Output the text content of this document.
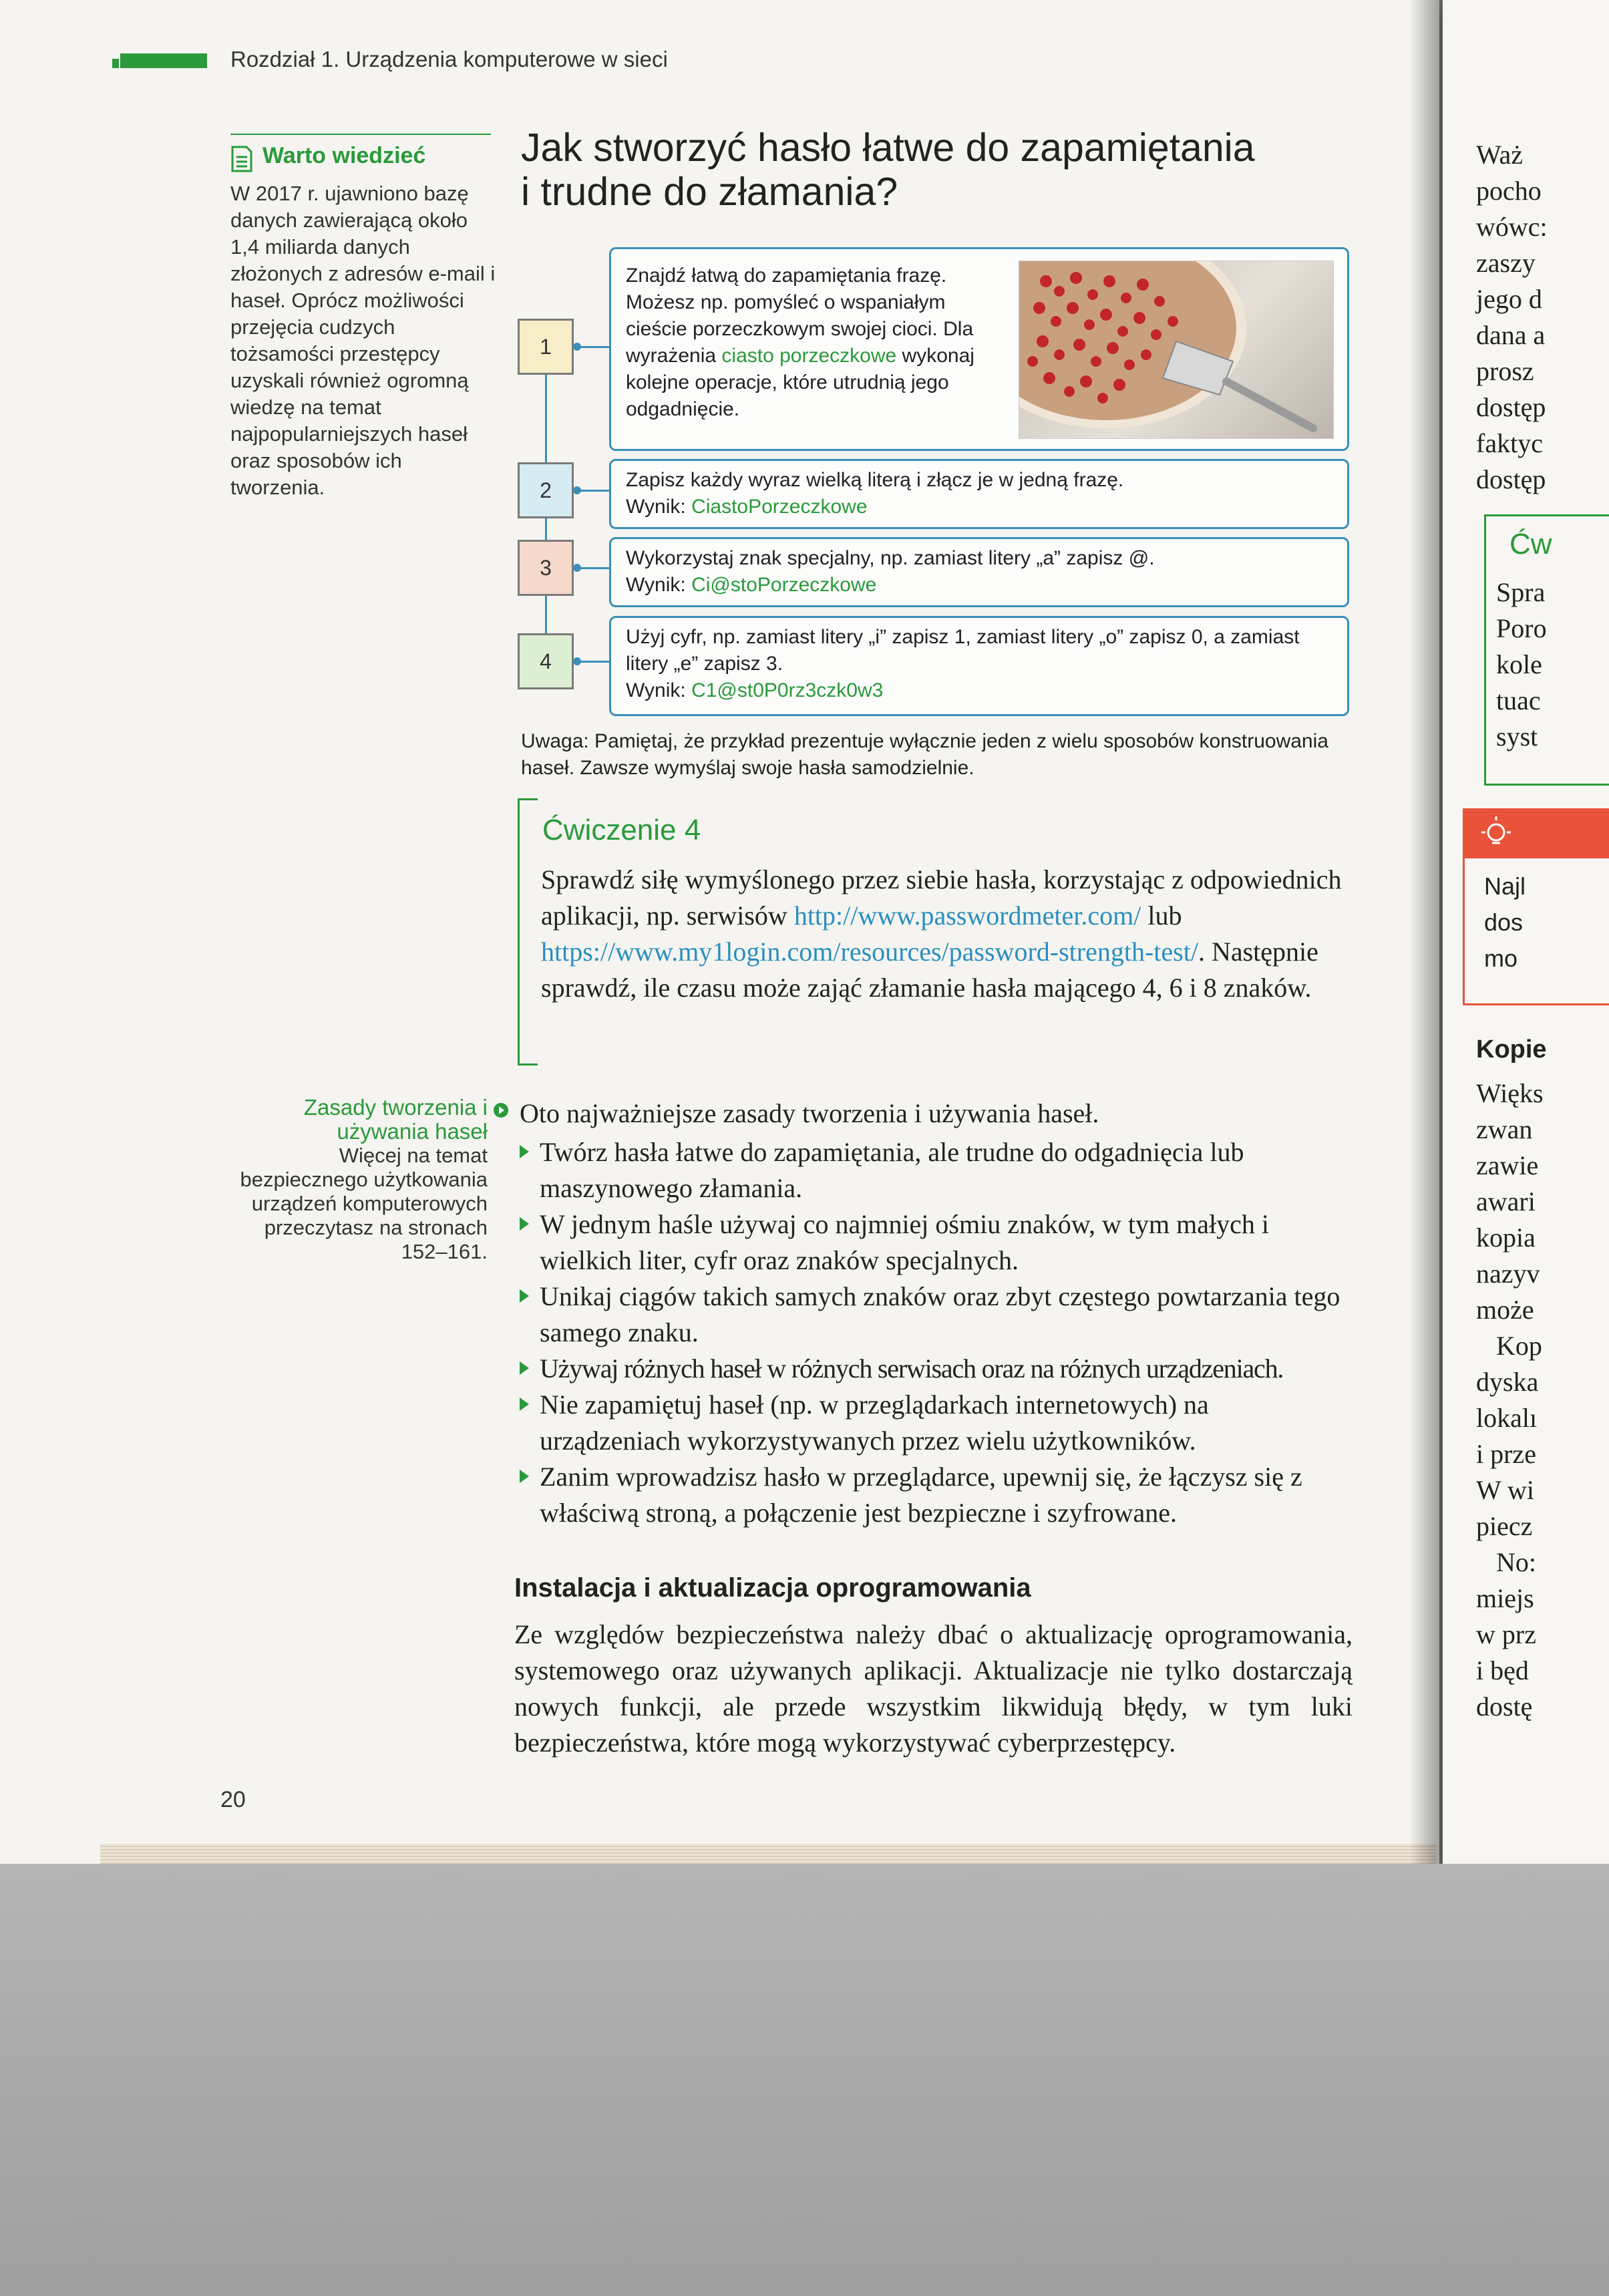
Rozdział 1. Urządzenia komputerowe w sieci
Warto wiedzieć
W 2017 r. ujawniono bazę danych zawierającą około 1,4 miliarda danych złożonych z adresów e-mail i haseł. Oprócz możliwości przejęcia cudzych tożsamości przestępcy uzyskali również ogromną wiedzę na temat najpopularniejszych haseł oraz sposobów ich tworzenia.
Jak stworzyć hasło łatwe do zapamiętania
i trudne do złamania?
1
Znajdź łatwą do zapamiętania frazę. Możesz np. pomyśleć o wspaniałym cieście porzeczkowym swojej cioci. Dla wyrażenia ciasto porzeczkowe wykonaj kolejne operacje, które utrudnią jego odgadnięcie.
2	Zapisz każdy wyraz wielką literą i złącz je w jedną frazę.
Wynik: CiastoPorzeczkowe
3	Wykorzystaj znak specjalny, np. zamiast litery „a” zapisz @.
Wynik: Ci@stoPorzeczkowe
4
Użyj cyfr, np. zamiast litery „i” zapisz 1, zamiast litery „o” zapisz 0, a zamiast litery „e” zapisz 3.
Wynik: C1@st0P0rz3czk0w3
Uwaga: Pamiętaj, że przykład prezentuje wyłącznie jeden z wielu sposobów konstruowania haseł. Zawsze wymyślaj swoje hasła samodzielnie.
Ćwiczenie 4
Sprawdź siłę wymyślonego przez siebie hasła, korzystając z odpowiednich aplikacji, np. serwisów http://www.passwordmeter.com/ lub https://www.my1login.com/resources/password-strength-test/. Następnie sprawdź, ile czasu może zająć złamanie hasła mającego 4, 6 i 8 znaków.
Zasady tworzenia i używania haseł
Więcej na temat bezpiecznego użytkowania urządzeń komputerowych przeczytasz na stronach 152–161.
Oto najważniejsze zasady tworzenia i używania haseł.
Twórz hasła łatwe do zapamiętania, ale trudne do odgadnięcia lub maszynowego złamania.
W jednym haśle używaj co najmniej ośmiu znaków, w tym małych i wielkich liter, cyfr oraz znaków specjalnych.
Unikaj ciągów takich samych znaków oraz zbyt częstego powtarzania tego samego znaku.
Używaj różnych haseł w różnych serwisach oraz na różnych urządzeniach.
Nie zapamiętuj haseł (np. w przeglądarkach internetowych) na urządzeniach wykorzystywanych przez wielu użytkowników.
Zanim wprowadzisz hasło w przeglądarce, upewnij się, że łączysz się z właściwą stroną, a połączenie jest bezpieczne i szyfrowane.
Instalacja i aktualizacja oprogramowania
Ze względów bezpieczeństwa należy dbać o aktualizację oprogramowania, systemowego oraz używanych aplikacji. Aktualizacje nie tylko dostarczają nowych funkcji, ale przede wszystkim likwidują błędy, w tym luki bezpieczeństwa, które mogą wykorzystywać cyberprzestępcy.
20
Waż
pocho
wówc:
zaszy
jego d
dana a
prosz
dostęp
faktyc
dostęp
Ćw
Spra
Poro
kole
tuac
syst
Najl
dos
mo
Kopie
Więks
zwan
zawie
awari
kopia
nazyv
może
Kop
dyska
lokalı
i prze
W wi
piecz
No:
miejs
w prz
i będ
dostę
